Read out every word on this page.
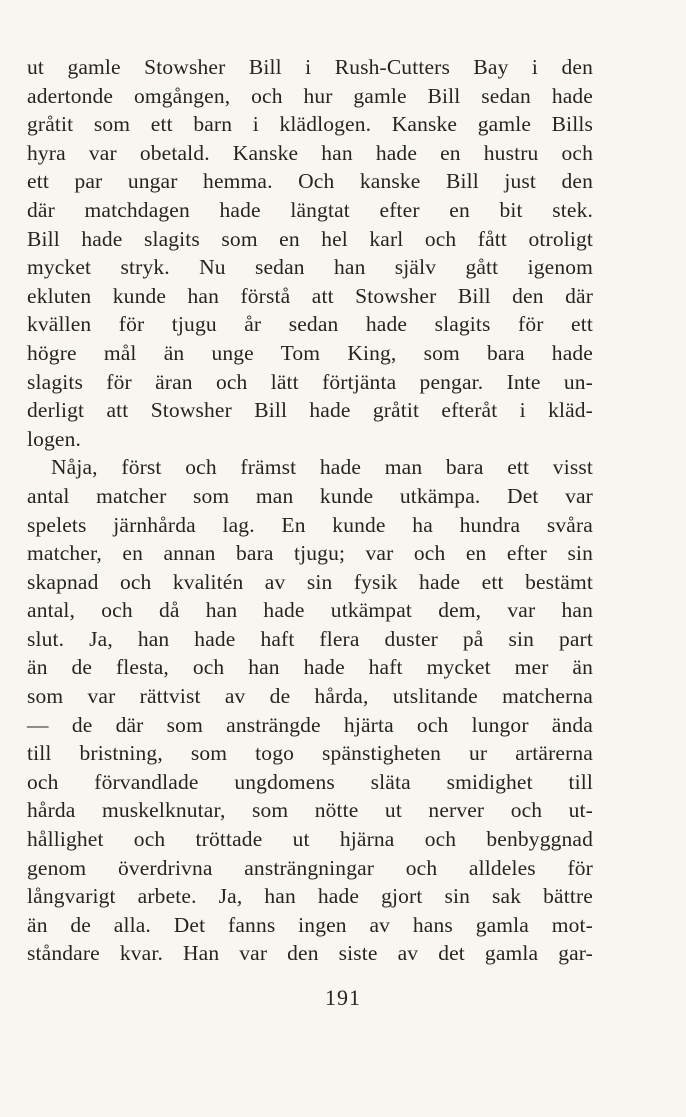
ut gamle Stowsher Bill i Rush-Cutters Bay i den
adertonde omgången, och hur gamle Bill sedan hade
gråtit som ett barn i klädlogen. Kanske gamle Bills
hyra var obetald. Kanske han hade en hustru och
ett par ungar hemma. Och kanske Bill just den
där matchdagen hade längtat efter en bit stek.
Bill hade slagits som en hel karl och fått otroligt
mycket stryk. Nu sedan han själv gått igenom
ekluten kunde han förstå att Stowsher Bill den där
kvällen för tjugu år sedan hade slagits för ett
högre mål än unge Tom King, som bara hade
slagits för äran och lätt förtjänta pengar. Inte un-
derligt att Stowsher Bill hade gråtit efteråt i kläd-
logen.
Nåja, först och främst hade man bara ett visst
antal matcher som man kunde utkämpa. Det var
spelets järnhårda lag. En kunde ha hundra svåra
matcher, en annan bara tjugu; var och en efter sin
skapnad och kvalitén av sin fysik hade ett bestämt
antal, och då han hade utkämpat dem, var han
slut. Ja, han hade haft flera duster på sin part
än de flesta, och han hade haft mycket mer än
som var rättvist av de hårda, utslitande matcherna
— de där som ansträngde hjärta och lungor ända
till bristning, som togo spänstigheten ur artärerna
och förvandlade ungdomens släta smidighet till
hårda muskelknutar, som nötte ut nerver och ut-
hållighet och tröttade ut hjärna och benbyggnad
genom överdrivna ansträngningar och alldeles för
långvarigt arbete. Ja, han hade gjort sin sak bättre
än de alla. Det fanns ingen av hans gamla mot-
ståndare kvar. Han var den siste av det gamla gar-
191
